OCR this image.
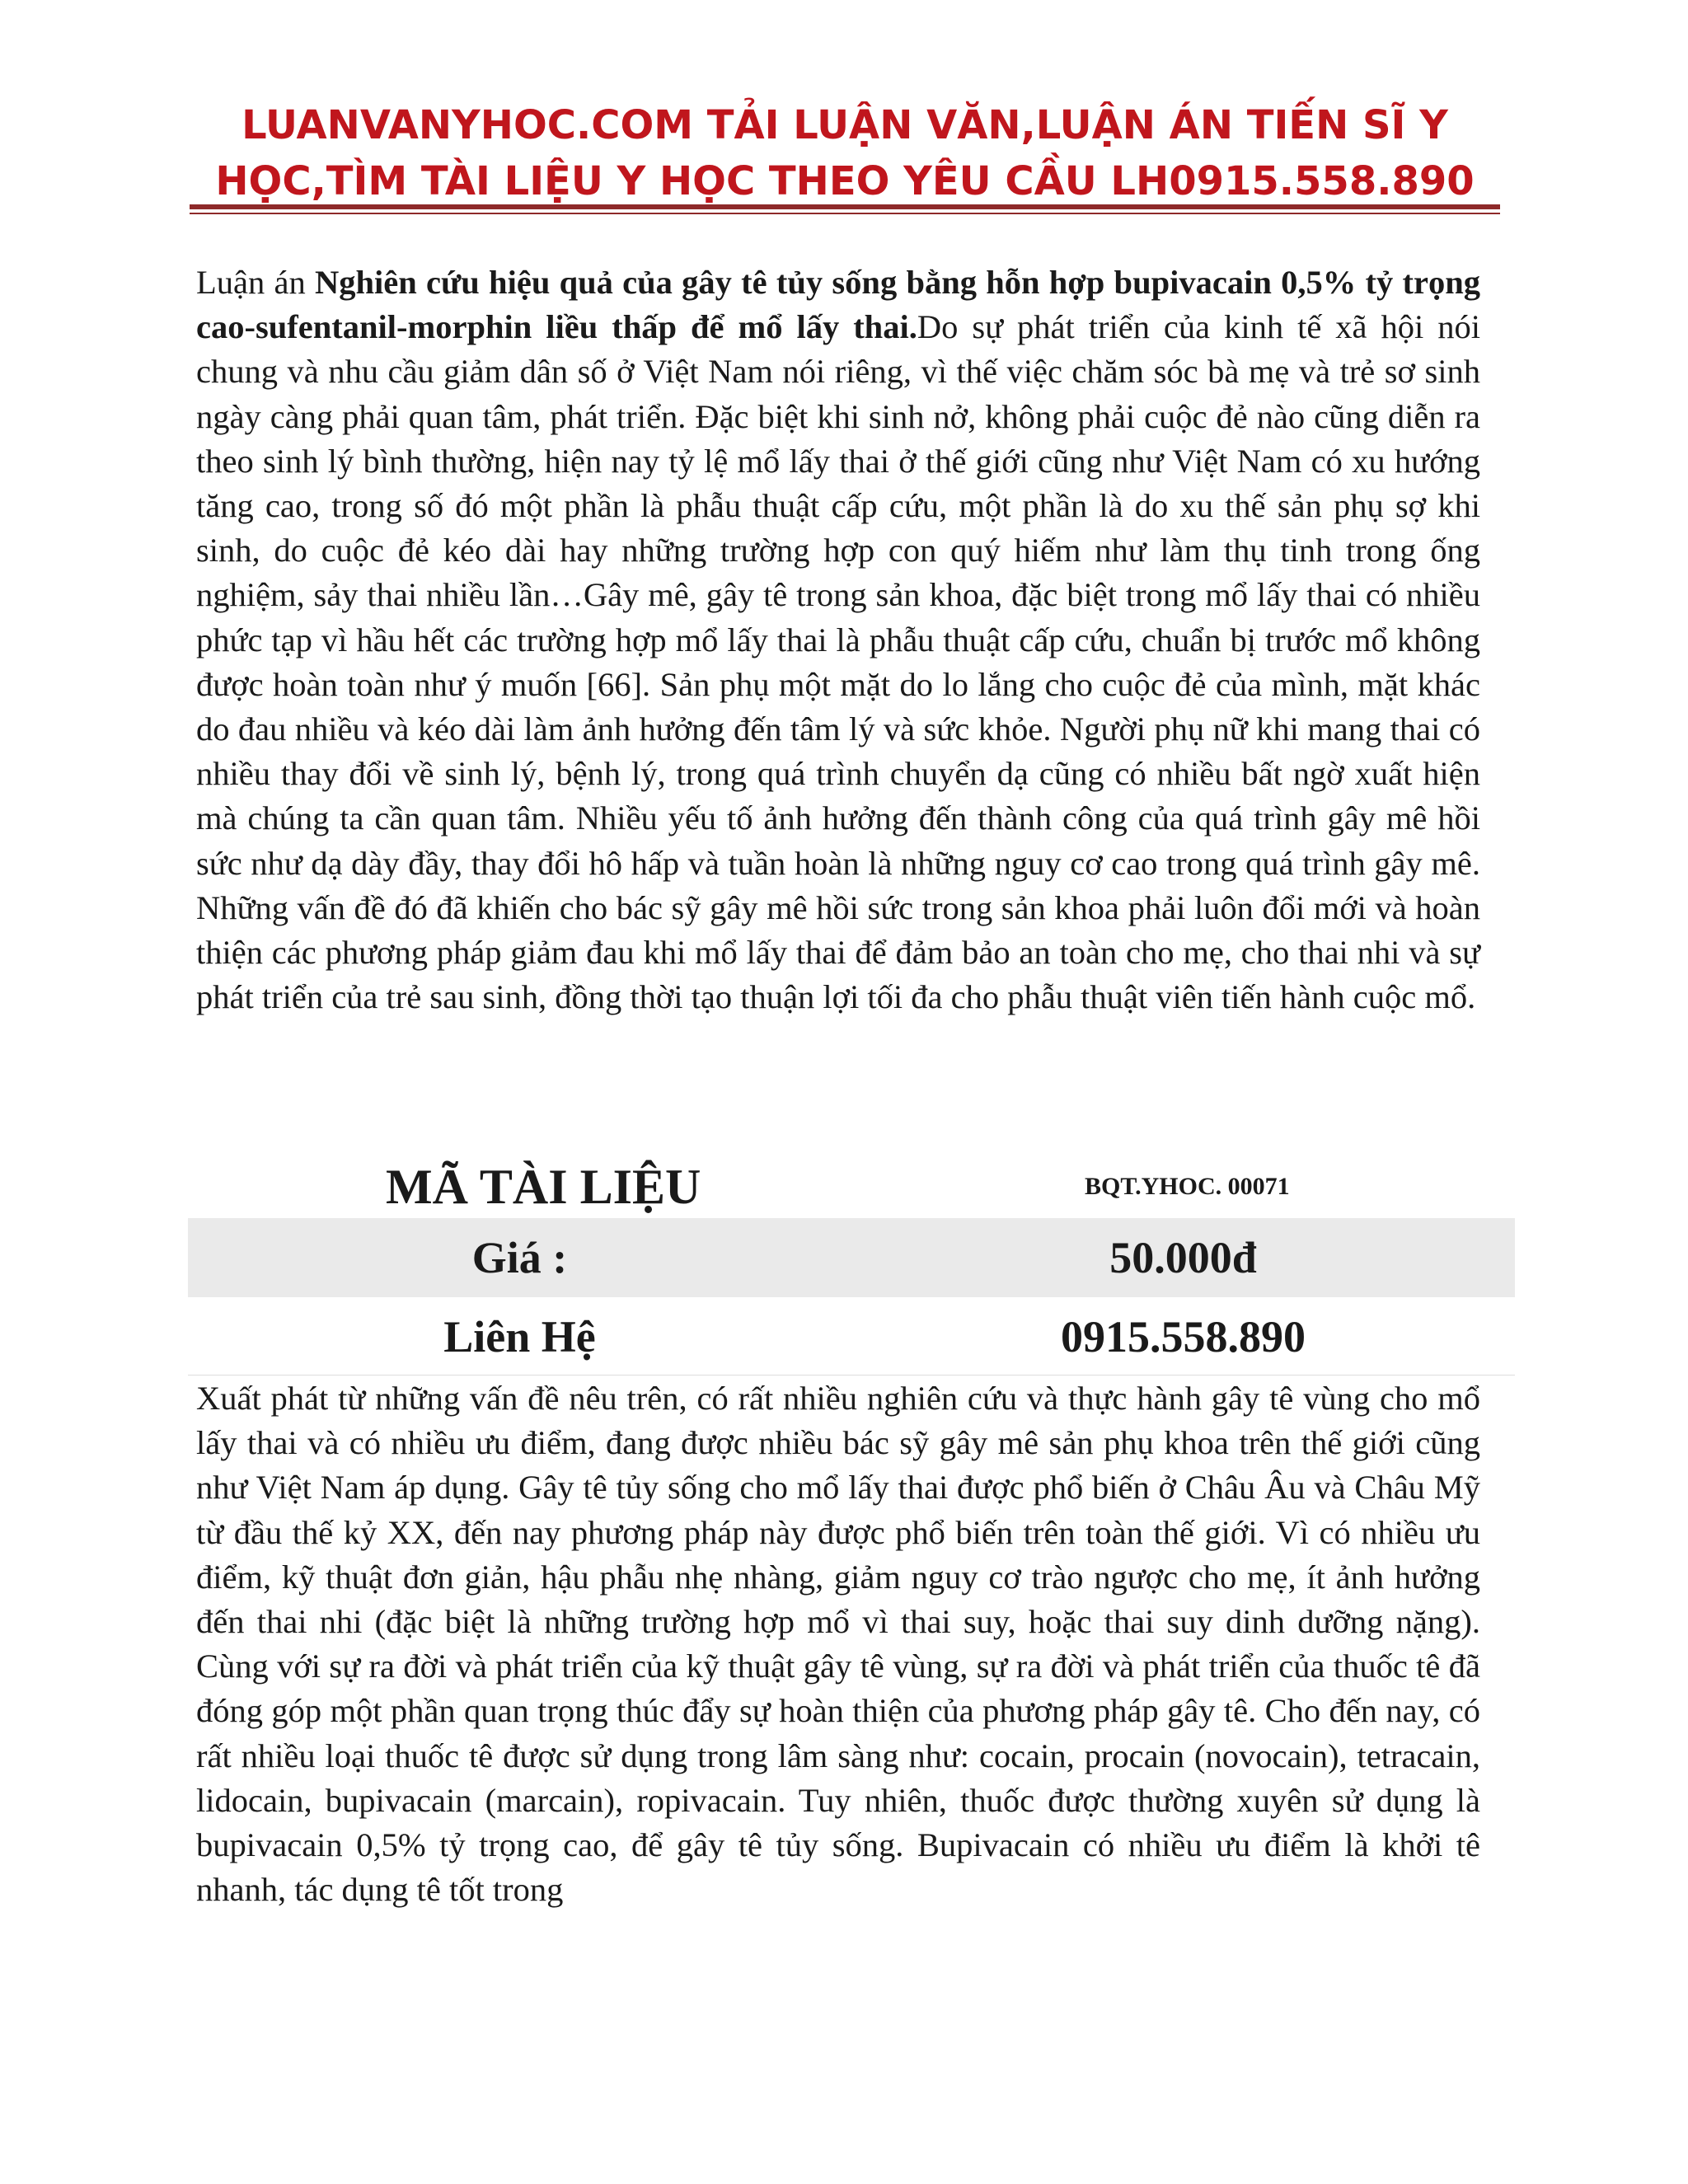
LUANVANYHOC.COM TẢI LUẬN VĂN,LUẬN ÁN TIẾN SĨ Y
HỌC,TÌM TÀI LIỆU Y HỌC THEO YÊU CẦU LH0915.558.890

Luận án Nghiên cứu hiệu quả của gây tê tủy sống bằng hỗn hợp bupivacain 0,5% tỷ trọng cao-sufentanil-morphin liều thấp để mổ lấy thai.Do sự phát triển của kinh tế xã hội nói chung và nhu cầu giảm dân số ở Việt Nam nói riêng, vì thế việc chăm sóc bà mẹ và trẻ sơ sinh ngày càng phải quan tâm, phát triển. Đặc biệt khi sinh nở, không phải cuộc đẻ nào cũng diễn ra theo sinh lý bình thường, hiện nay tỷ lệ mổ lấy thai ở thế giới cũng như Việt Nam có xu hướng tăng cao, trong số đó một phần là phẫu thuật cấp cứu, một phần là do xu thế sản phụ sợ khi sinh, do cuộc đẻ kéo dài hay những trường hợp con quý hiếm như làm thụ tinh trong ống nghiệm, sảy thai nhiều lần…Gây mê, gây tê trong sản khoa, đặc biệt trong mổ lấy thai có nhiều phức tạp vì hầu hết các trường hợp mổ lấy thai là phẫu thuật cấp cứu, chuẩn bị trước mổ không được hoàn toàn như ý muốn [66]. Sản phụ một mặt do lo lắng cho cuộc đẻ của mình, mặt khác do đau nhiều và kéo dài làm ảnh hưởng đến tâm lý và sức khỏe. Người phụ nữ khi mang thai có nhiều thay đổi về sinh lý, bệnh lý, trong quá trình chuyển dạ cũng có nhiều bất ngờ xuất hiện mà chúng ta cần quan tâm. Nhiều yếu tố ảnh hưởng đến thành công của quá trình gây mê hồi sức như dạ dày đầy, thay đổi hô hấp và tuần hoàn là những nguy cơ cao trong quá trình gây mê. Những vấn đề đó đã khiến cho bác sỹ gây mê hồi sức trong sản khoa phải luôn đổi mới và hoàn thiện các phương pháp giảm đau khi mổ lấy thai để đảm bảo an toàn cho mẹ, cho thai nhi và sự phát triển của trẻ sau sinh, đồng thời tạo thuận lợi tối đa cho phẫu thuật viên tiến hành cuộc mổ.

MÃ TÀI LIỆU	BQT.YHOC. 00071
Giá :	50.000đ
Liên Hệ	0915.558.890

Xuất phát từ những vấn đề nêu trên, có rất nhiều nghiên cứu và thực hành gây tê vùng cho mổ lấy thai và có nhiều ưu điểm, đang được nhiều bác sỹ gây mê sản phụ khoa trên thế giới cũng như Việt Nam áp dụng. Gây tê tủy sống cho mổ lấy thai được phổ biến ở Châu Âu và Châu Mỹ từ đầu thế kỷ XX, đến nay phương pháp này được phổ biến trên toàn thế giới. Vì có nhiều ưu điểm, kỹ thuật đơn giản, hậu phẫu nhẹ nhàng, giảm nguy cơ trào ngược cho mẹ, ít ảnh hưởng đến thai nhi (đặc biệt là những trường hợp mổ vì thai suy, hoặc thai suy dinh dưỡng nặng). Cùng với sự ra đời và phát triển của kỹ thuật gây tê vùng, sự ra đời và phát triển của thuốc tê đã đóng góp một phần quan trọng thúc đẩy sự hoàn thiện của phương pháp gây tê. Cho đến nay, có rất nhiều loại thuốc tê được sử dụng trong lâm sàng như: cocain, procain (novocain), tetracain, lidocain, bupivacain (marcain), ropivacain. Tuy nhiên, thuốc được thường xuyên sử dụng là bupivacain 0,5% tỷ trọng cao, để gây tê tủy sống. Bupivacain có nhiều ưu điểm là khởi tê nhanh, tác dụng tê tốt trong
